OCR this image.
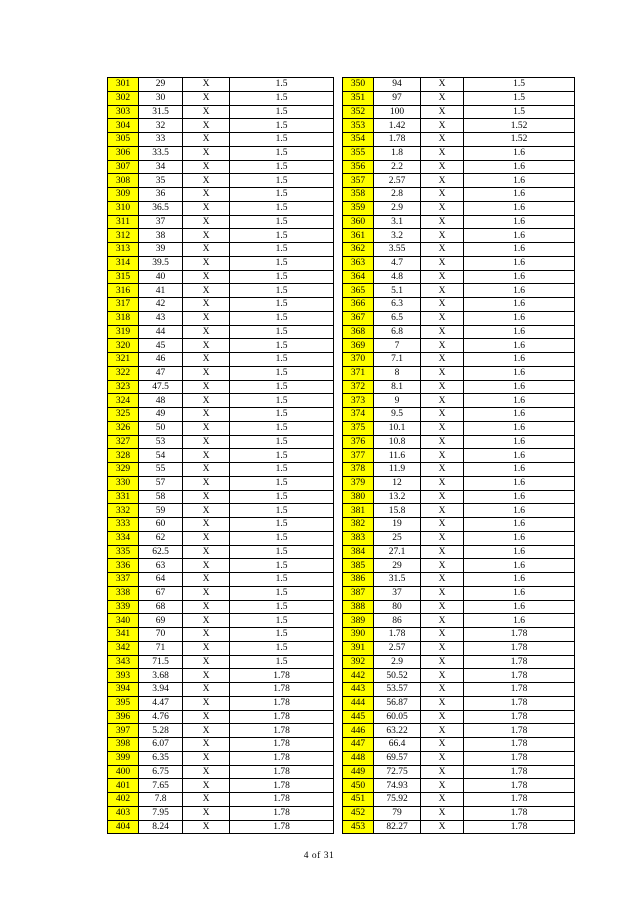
301	29	X	1.5
302	30	X	1.5
303	31.5	X	1.5
304	32	X	1.5
305	33	X	1.5
306	33.5	X	1.5
307	34	X	1.5
308	35	X	1.5
309	36	X	1.5
310	36.5	X	1.5
311	37	X	1.5
312	38	X	1.5
313	39	X	1.5
314	39.5	X	1.5
315	40	X	1.5
316	41	X	1.5
317	42	X	1.5
318	43	X	1.5
319	44	X	1.5
320	45	X	1.5
321	46	X	1.5
322	47	X	1.5
323	47.5	X	1.5
324	48	X	1.5
325	49	X	1.5
326	50	X	1.5
327	53	X	1.5
328	54	X	1.5
329	55	X	1.5
330	57	X	1.5
331	58	X	1.5
332	59	X	1.5
333	60	X	1.5
334	62	X	1.5
335	62.5	X	1.5
336	63	X	1.5
337	64	X	1.5
338	67	X	1.5
339	68	X	1.5
340	69	X	1.5
341	70	X	1.5
342	71	X	1.5
343	71.5	X	1.5
393	3.68	X	1.78
394	3.94	X	1.78
395	4.47	X	1.78
396	4.76	X	1.78
397	5.28	X	1.78
398	6.07	X	1.78
399	6.35	X	1.78
400	6.75	X	1.78
401	7.65	X	1.78
402	7.8	X	1.78
403	7.95	X	1.78
404	8.24	X	1.78
350	94	X	1.5
351	97	X	1.5
352	100	X	1.5
353	1.42	X	1.52
354	1.78	X	1.52
355	1.8	X	1.6
356	2.2	X	1.6
357	2.57	X	1.6
358	2.8	X	1.6
359	2.9	X	1.6
360	3.1	X	1.6
361	3.2	X	1.6
362	3.55	X	1.6
363	4.7	X	1.6
364	4.8	X	1.6
365	5.1	X	1.6
366	6.3	X	1.6
367	6.5	X	1.6
368	6.8	X	1.6
369	7	X	1.6
370	7.1	X	1.6
371	8	X	1.6
372	8.1	X	1.6
373	9	X	1.6
374	9.5	X	1.6
375	10.1	X	1.6
376	10.8	X	1.6
377	11.6	X	1.6
378	11.9	X	1.6
379	12	X	1.6
380	13.2	X	1.6
381	15.8	X	1.6
382	19	X	1.6
383	25	X	1.6
384	27.1	X	1.6
385	29	X	1.6
386	31.5	X	1.6
387	37	X	1.6
388	80	X	1.6
389	86	X	1.6
390	1.78	X	1.78
391	2.57	X	1.78
392	2.9	X	1.78
442	50.52	X	1.78
443	53.57	X	1.78
444	56.87	X	1.78
445	60.05	X	1.78
446	63.22	X	1.78
447	66.4	X	1.78
448	69.57	X	1.78
449	72.75	X	1.78
450	74.93	X	1.78
451	75.92	X	1.78
452	79	X	1.78
453	82.27	X	1.78
4 of 31
